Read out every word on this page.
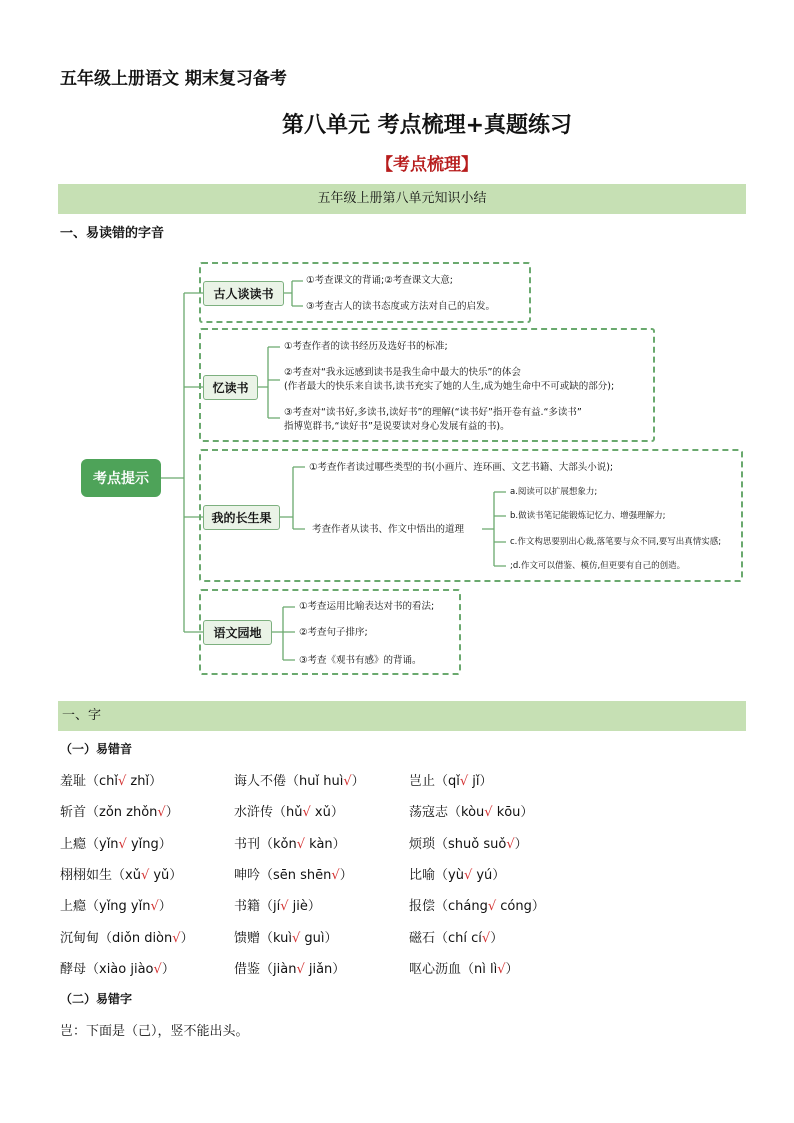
五年级上册语文 期末复习备考
第八单元 考点梳理+真题练习
【考点梳理】
五年级上册第八单元知识小结
一、易读错的字音
考点提示
古人谈读书
①考查课文的背诵;②考查课文大意;
③考查古人的读书态度或方法对自己的启发。
忆读书
①考查作者的读书经历及选好书的标准;
②考查对“我永远感到读书是我生命中最大的快乐”的体会
(作者最大的快乐来自读书,读书充实了她的人生,成为她生命中不可或缺的部分);
③考查对“读书好,多读书,读好书”的理解(“读书好”指开卷有益.“多读书”
指博览群书,“读好书”是说要读对身心发展有益的书)。
我的长生果
①考查作者读过哪些类型的书(小画片、连环画、文艺书籍、大部头小说);
考查作者从读书、作文中悟出的道理
a.阅读可以扩展想象力;
b.做读书笔记能锻炼记忆力、增强理解力;
c.作文构思要别出心裁,落笔要与众不同,要写出真情实感;
;d.作文可以借鉴、模仿,但更要有自己的创造。
语文园地
①考查运用比喻表达对书的看法;
②考查句子排序;
③考查《观书有感》的背诵。
一、字
（一）易错音
羞耻（chǐ√ zhǐ）	诲人不倦（huǐ huì√）	岂止（qǐ√ jǐ）
斩首（zǒn zhǒn√）	水浒传（hǔ√ xǔ）	荡寇志（kòu√ kōu）
上瘾（yǐn√ yǐng）	书刊（kǒn√ kàn）	烦琐（shuǒ suǒ√）
栩栩如生（xǔ√ yǔ）	呻吟（sēn shēn√）	比喻（yù√ yú）
上瘾（yǐng yǐn√）	书籍（jí√ jiè）	报偿（cháng√ cóng）
沉甸甸（diǒn diòn√）	馈赠（kuì√ guì）	磁石（chí cí√）
酵母（xiào jiào√）	借鉴（jiàn√ jiǎn）	呕心沥血（nì lì√）
（二）易错字
岂：下面是（己），竖不能出头。
